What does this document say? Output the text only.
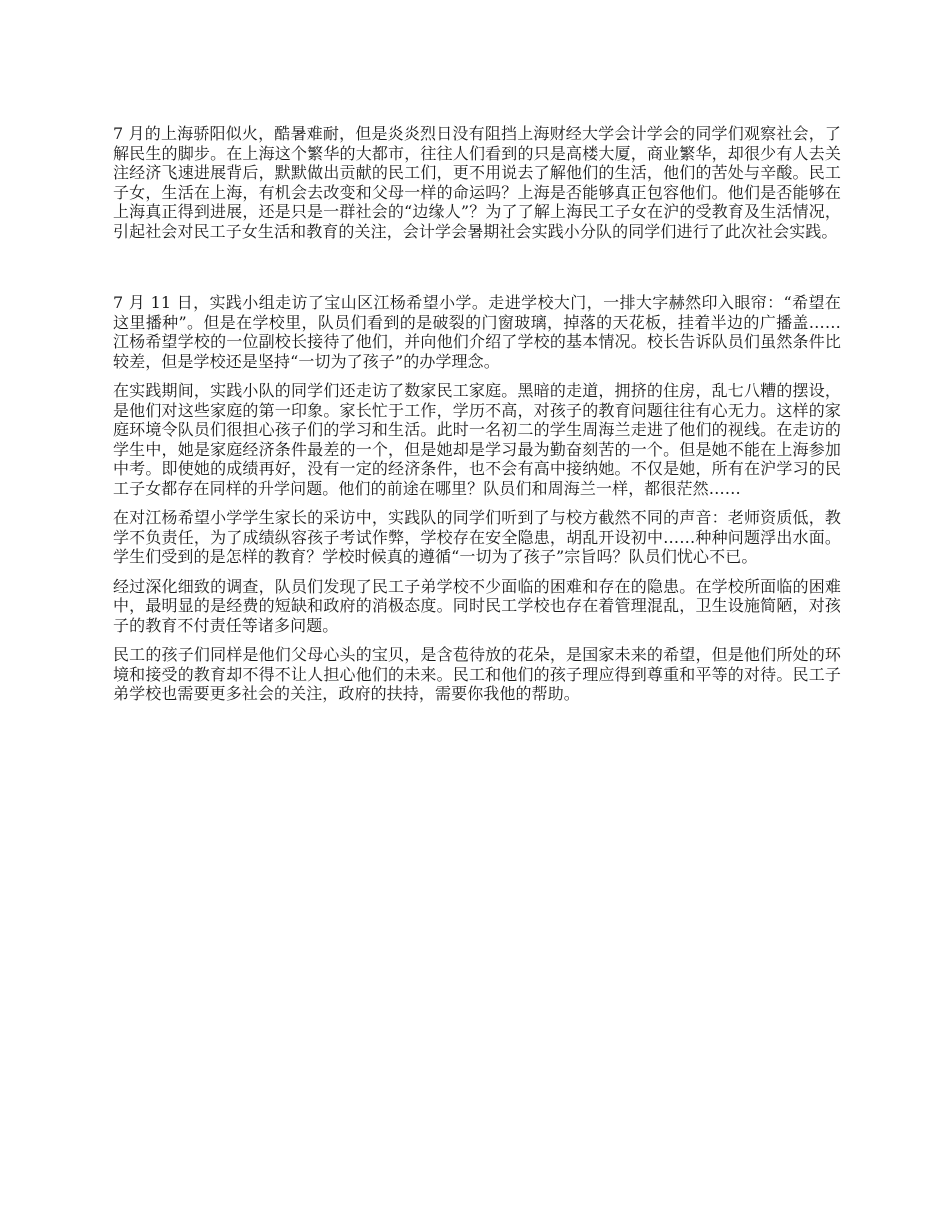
7 月的上海骄阳似火，酷暑难耐，但是炎炎烈日没有阻挡上海财经大学会计学会的同学们观察社会，了解民生的脚步。在上海这个繁华的大都市，往往人们看到的只是高楼大厦，商业繁华，却很少有人去关注经济飞速进展背后，默默做出贡献的民工们，更不用说去了解他们的生活，他们的苦处与辛酸。民工子女，生活在上海，有机会去改变和父母一样的命运吗？上海是否能够真正包容他们。他们是否能够在上海真正得到进展，还是只是一群社会的“边缘人”？为了了解上海民工子女在沪的受教育及生活情况，引起社会对民工子女生活和教育的关注，会计学会暑期社会实践小分队的同学们进行了此次社会实践。

7 月 11 日，实践小组走访了宝山区江杨希望小学。走进学校大门，一排大字赫然印入眼帘：“希望在这里播种”。但是在学校里，队员们看到的是破裂的门窗玻璃，掉落的天花板，挂着半边的广播盖……江杨希望学校的一位副校长接待了他们，并向他们介绍了学校的基本情况。校长告诉队员们虽然条件比较差，但是学校还是坚持“一切为了孩子”的办学理念。

在实践期间，实践小队的同学们还走访了数家民工家庭。黑暗的走道，拥挤的住房，乱七八糟的摆设，是他们对这些家庭的第一印象。家长忙于工作，学历不高，对孩子的教育问题往往有心无力。这样的家庭环境令队员们很担心孩子们的学习和生活。此时一名初二的学生周海兰走进了他们的视线。在走访的学生中，她是家庭经济条件最差的一个，但是她却是学习最为勤奋刻苦的一个。但是她不能在上海参加中考。即使她的成绩再好，没有一定的经济条件，也不会有高中接纳她。不仅是她，所有在沪学习的民工子女都存在同样的升学问题。他们的前途在哪里？队员们和周海兰一样，都很茫然……

在对江杨希望小学学生家长的采访中，实践队的同学们听到了与校方截然不同的声音：老师资质低，教学不负责任，为了成绩纵容孩子考试作弊，学校存在安全隐患，胡乱开设初中……种种问题浮出水面。学生们受到的是怎样的教育？学校时候真的遵循“一切为了孩子”宗旨吗？队员们忧心不已。

经过深化细致的调查，队员们发现了民工子弟学校不少面临的困难和存在的隐患。在学校所面临的困难中，最明显的是经费的短缺和政府的消极态度。同时民工学校也存在着管理混乱，卫生设施简陋，对孩子的教育不付责任等诸多问题。

民工的孩子们同样是他们父母心头的宝贝，是含苞待放的花朵，是国家未来的希望，但是他们所处的环境和接受的教育却不得不让人担心他们的未来。民工和他们的孩子理应得到尊重和平等的对待。民工子弟学校也需要更多社会的关注，政府的扶持，需要你我他的帮助。
